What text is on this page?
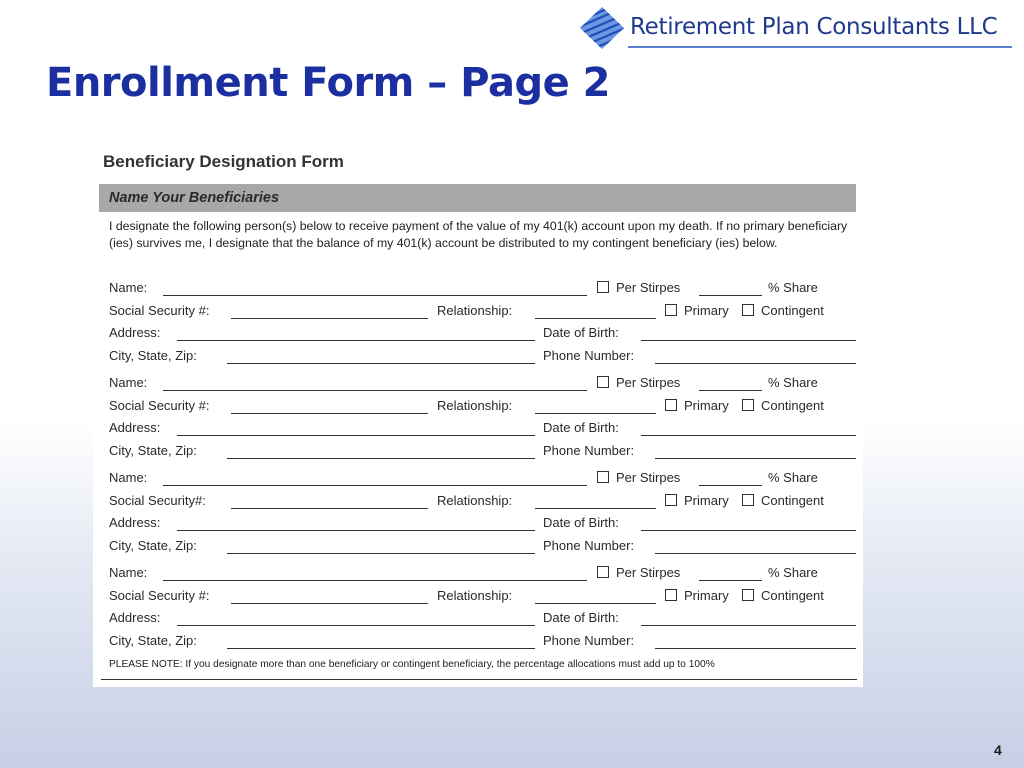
Retirement Plan Consultants LLC
Enrollment Form – Page 2
Beneficiary Designation Form
Name Your Beneficiaries
I designate the following person(s) below to receive payment of the value of my 401(k) account upon my death. If no primary beneficiary (ies) survives me, I designate that the balance of my 401(k) account be distributed to my contingent beneficiary (ies) below.
Name:	Per Stirpes	% Share
Social Security #:	Relationship:	Primary Contingent
Address:	Date of Birth:
City, State, Zip:	Phone Number:
Name:	Per Stirpes	% Share
Social Security #:	Relationship:	Primary Contingent
Address:	Date of Birth:
City, State, Zip:	Phone Number:
Name:	Per Stirpes	% Share
Social Security#:	Relationship:	Primary Contingent
Address:	Date of Birth:
City, State, Zip:	Phone Number:
Name:	Per Stirpes	% Share
Social Security #:	Relationship:	Primary Contingent
Address:	Date of Birth:
City, State, Zip:	Phone Number:
PLEASE NOTE: If you designate more than one beneficiary or contingent beneficiary, the percentage allocations must add up to 100%
4
